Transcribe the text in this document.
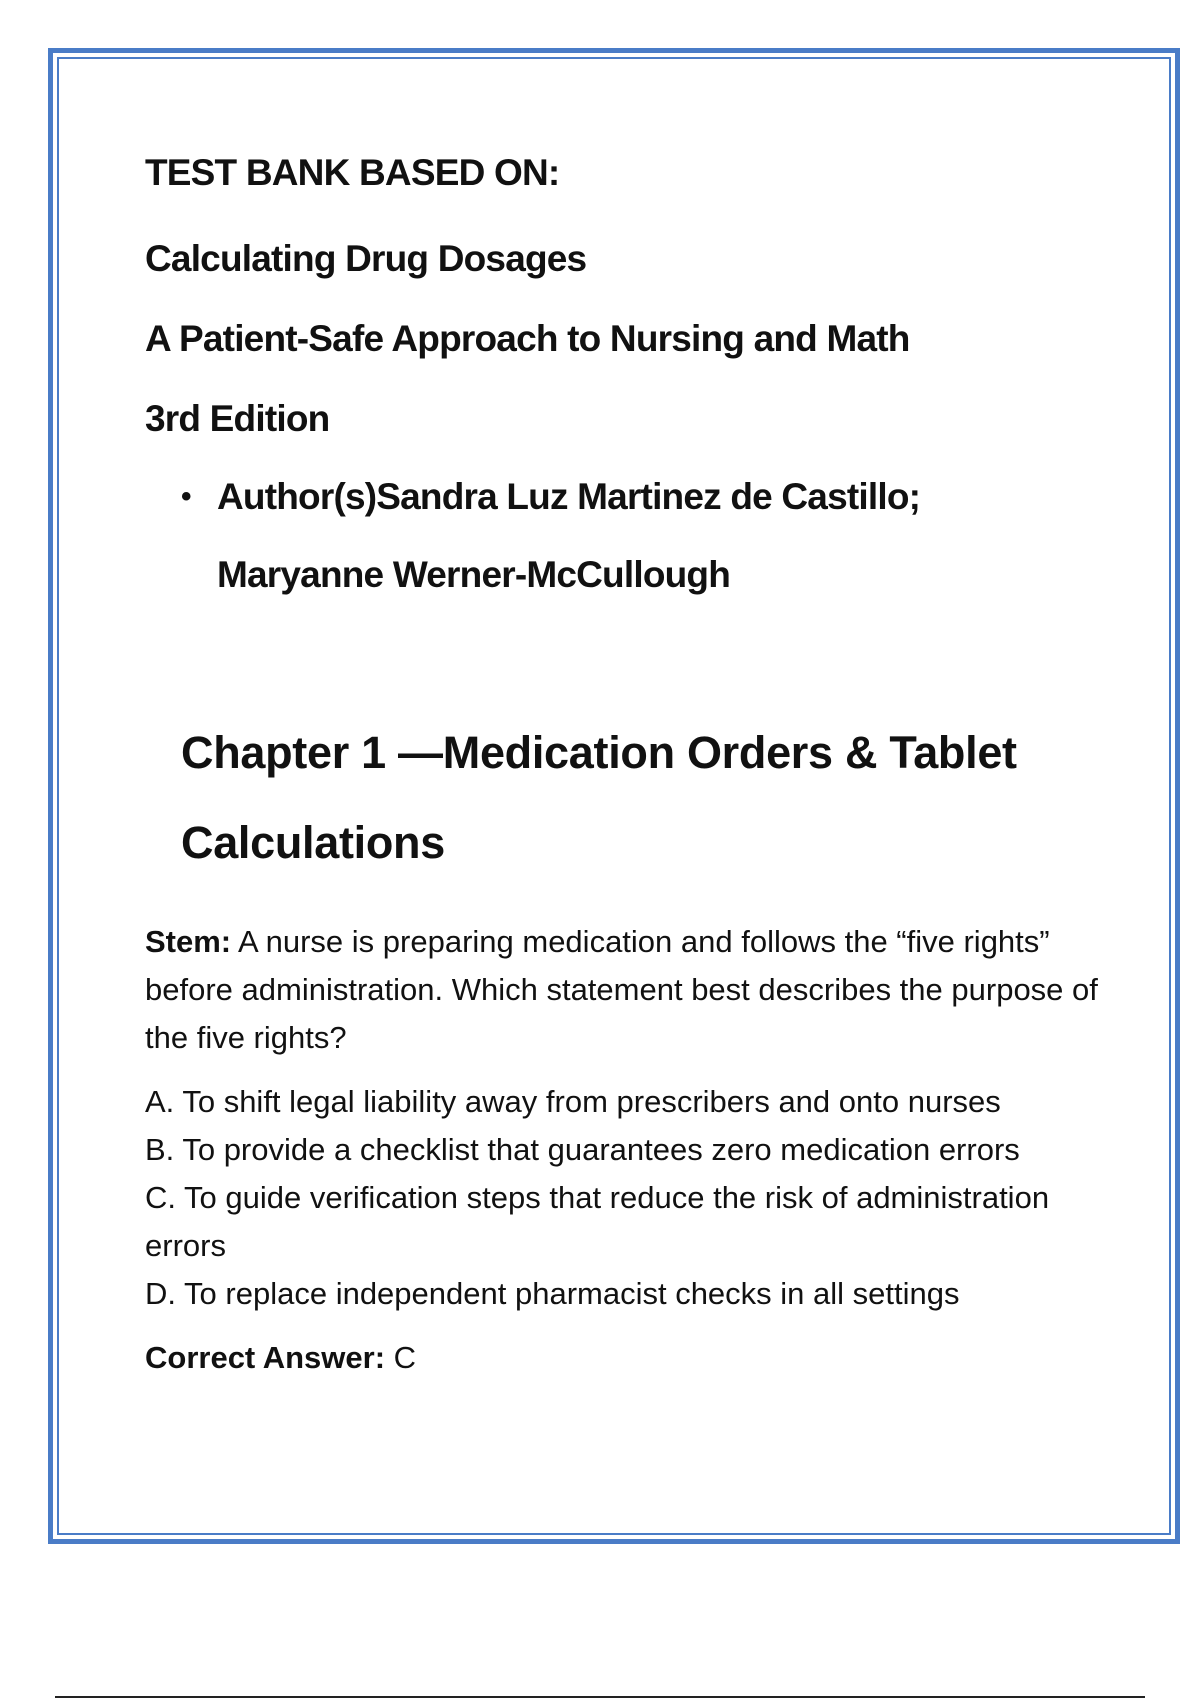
TEST BANK BASED ON:

Calculating Drug Dosages

A Patient-Safe Approach to Nursing and Math

3rd Edition

• Author(s)Sandra Luz Martinez de Castillo;

Maryanne Werner-McCullough

Chapter 1 —Medication Orders & Tablet Calculations
Stem: A nurse is preparing medication and follows the “five rights” before administration. Which statement best describes the purpose of the five rights?

A. To shift legal liability away from prescribers and onto nurses

B. To provide a checklist that guarantees zero medication errors

C. To guide verification steps that reduce the risk of administration errors

D. To replace independent pharmacist checks in all settings

Correct Answer: C
